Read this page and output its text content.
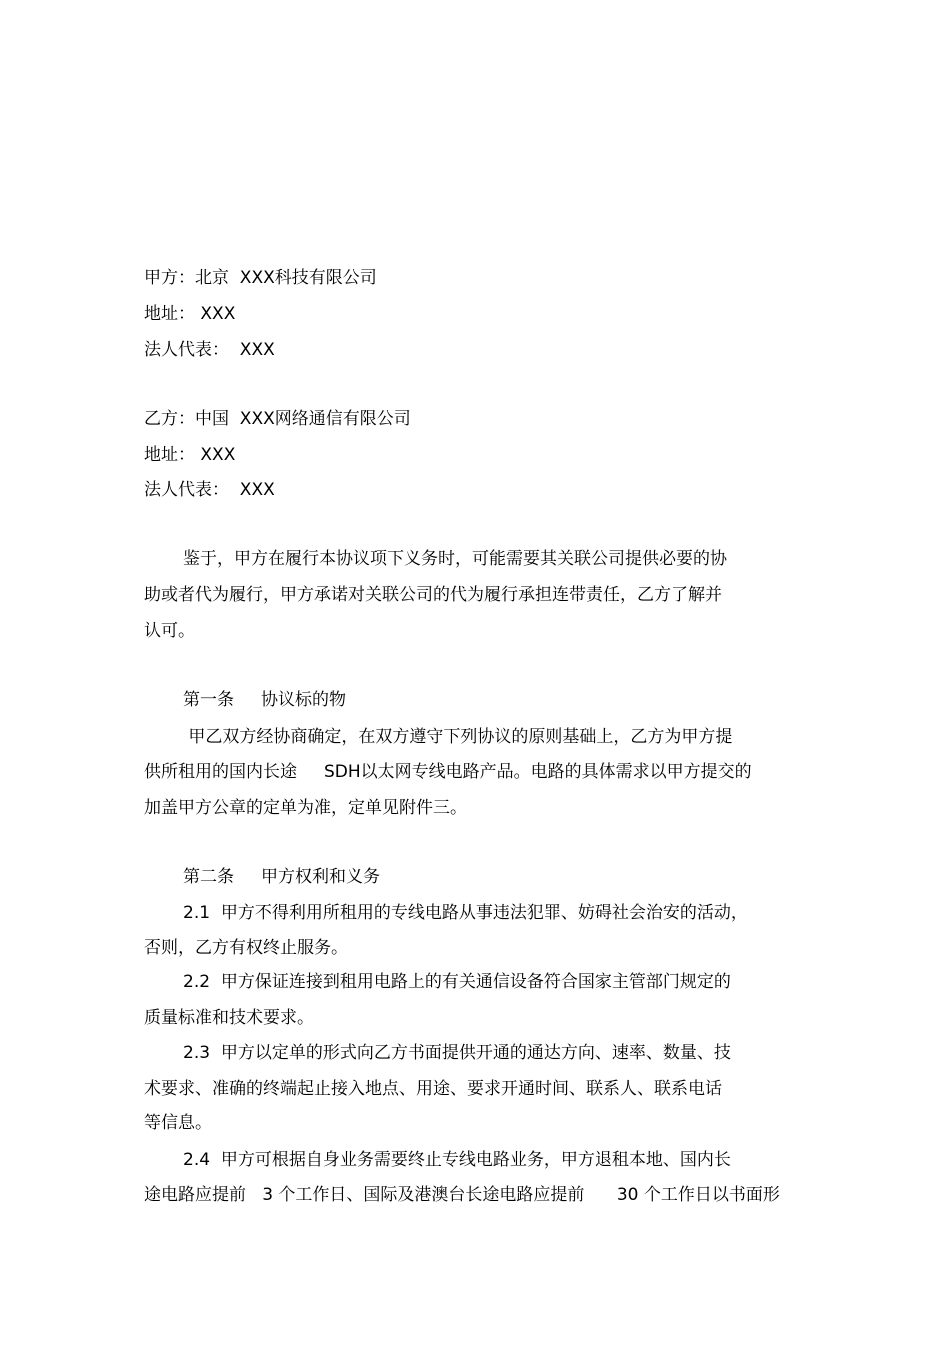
甲方：北京  XXX科技有限公司
地址： XXX
法人代表：  XXX
乙方：中国  XXX网络通信有限公司
地址： XXX
法人代表：  XXX
鉴于，甲方在履行本协议项下义务时，可能需要其关联公司提供必要的协
助或者代为履行，甲方承诺对关联公司的代为履行承担连带责任，乙方了解并
认可。
第一条     协议标的物
甲乙双方经协商确定，在双方遵守下列协议的原则基础上，乙方为甲方提
供所租用的国内长途     SDH以太网专线电路产品。电路的具体需求以甲方提交的
加盖甲方公章的定单为准，定单见附件三。
第二条     甲方权利和义务
2.1  甲方不得利用所租用的专线电路从事违法犯罪、妨碍社会治安的活动，
否则，乙方有权终止服务。
2.2  甲方保证连接到租用电路上的有关通信设备符合国家主管部门规定的
质量标准和技术要求。
2.3  甲方以定单的形式向乙方书面提供开通的通达方向、速率、数量、技
术要求、准确的终端起止接入地点、用途、要求开通时间、联系人、联系电话
等信息。
2.4  甲方可根据自身业务需要终止专线电路业务，甲方退租本地、国内长
途电路应提前   3 个工作日、国际及港澳台长途电路应提前      30 个工作日以书面形
